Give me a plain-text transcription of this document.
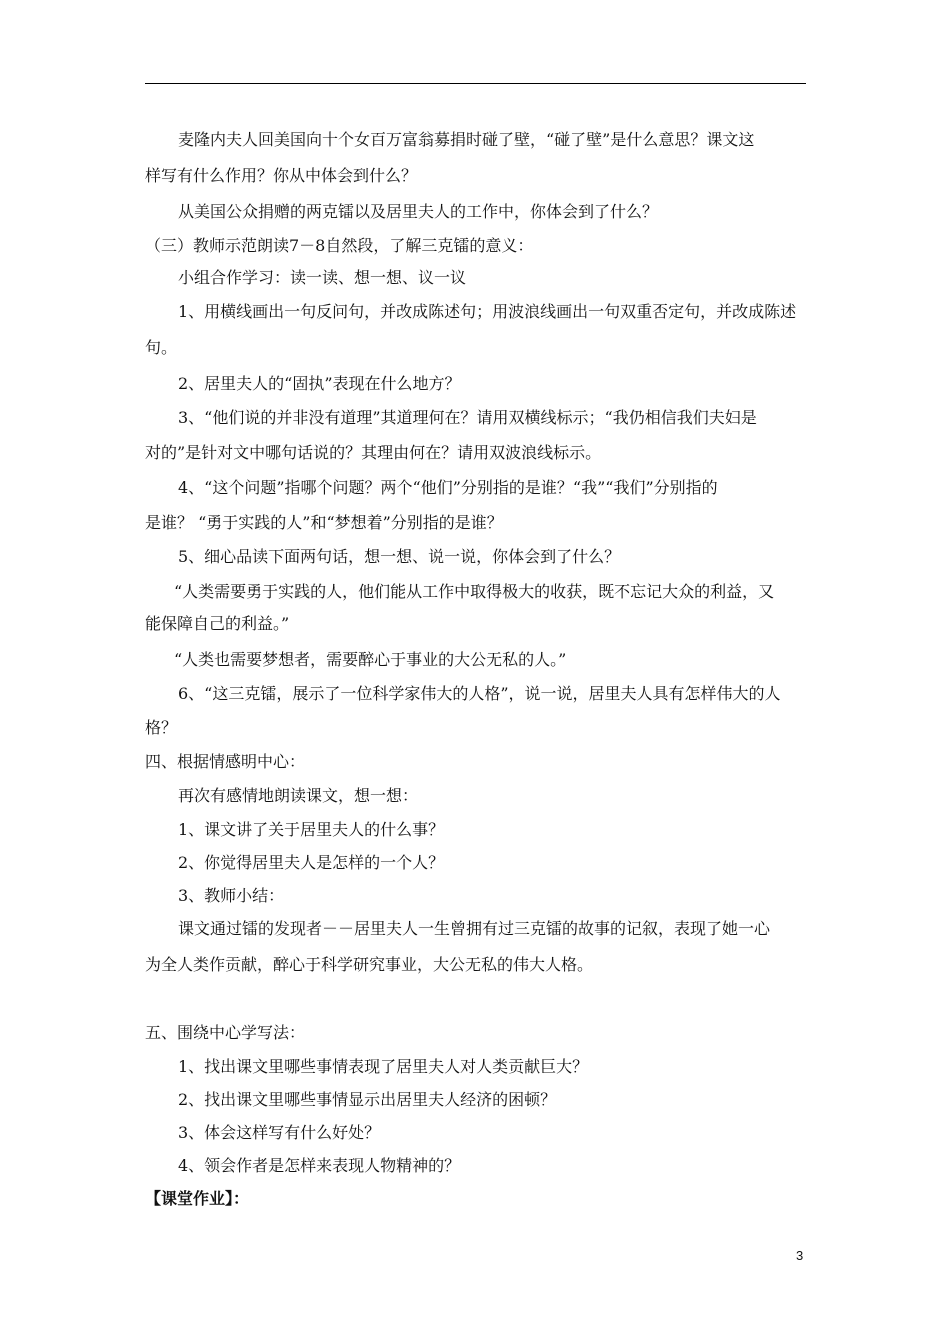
麦隆内夫人回美国向十个女百万富翁募捐时碰了壁，“碰了壁”是什么意思？课文这
样写有什么作用？你从中体会到什么？
从美国公众捐赠的两克镭以及居里夫人的工作中，你体会到了什么？
（三）教师示范朗读7－8自然段，了解三克镭的意义：
小组合作学习：读一读、想一想、议一议
1、用横线画出一句反问句，并改成陈述句；用波浪线画出一句双重否定句，并改成陈述
句。
2、居里夫人的“固执”表现在什么地方？
3、“他们说的并非没有道理”其道理何在？请用双横线标示；“我仍相信我们夫妇是
对的”是针对文中哪句话说的？其理由何在？请用双波浪线标示。
4、“这个问题”指哪个问题？两个“他们”分别指的是谁？“我”“我们”分别指的
是谁？ “勇于实践的人”和“梦想着”分别指的是谁？
5、细心品读下面两句话，想一想、说一说，你体会到了什么？
“人类需要勇于实践的人，他们能从工作中取得极大的收获，既不忘记大众的利益，又
能保障自己的利益。”
“人类也需要梦想者，需要醉心于事业的大公无私的人。”
6、“这三克镭，展示了一位科学家伟大的人格”，说一说，居里夫人具有怎样伟大的人
格？
四、根据情感明中心：
再次有感情地朗读课文，想一想：
1、课文讲了关于居里夫人的什么事？
2、你觉得居里夫人是怎样的一个人？
3、教师小结：
课文通过镭的发现者－－居里夫人一生曾拥有过三克镭的故事的记叙，表现了她一心
为全人类作贡献，醉心于科学研究事业，大公无私的伟大人格。
五、围绕中心学写法：
1、找出课文里哪些事情表现了居里夫人对人类贡献巨大？
2、找出课文里哪些事情显示出居里夫人经济的困顿？
3、体会这样写有什么好处？
4、领会作者是怎样来表现人物精神的？
【课堂作业】：
3
